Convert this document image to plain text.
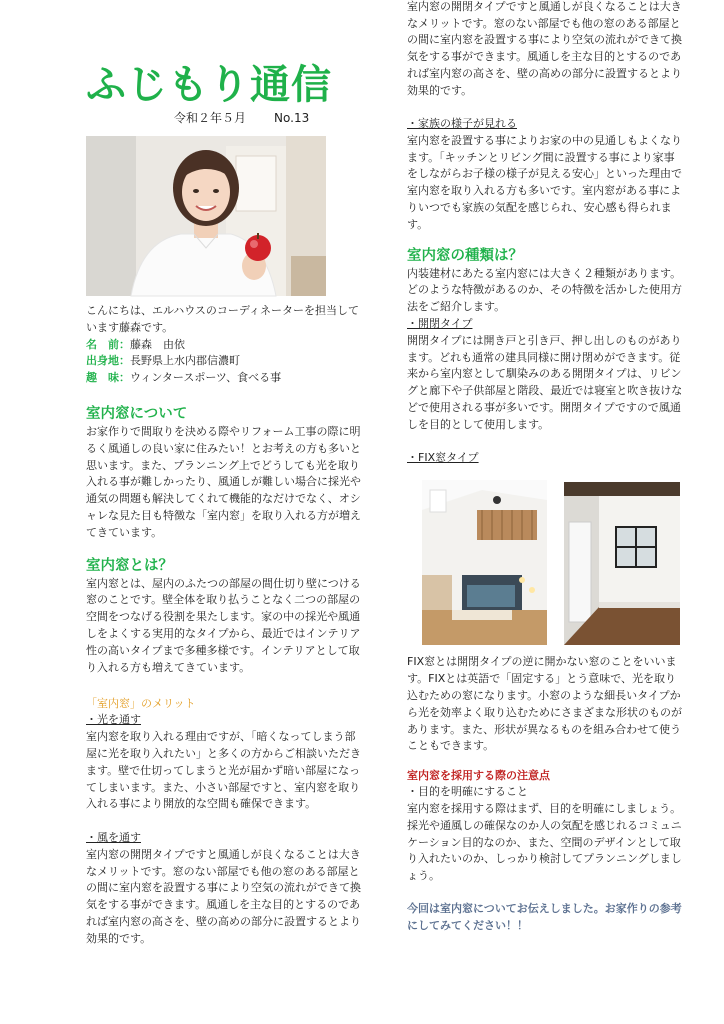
ふじもり通信
令和２年５月 No.13
こんにちは、エルハウスのコーディネーターを担当しています藤森です。
名　前：藤森　由依
出身地：長野県上水内郡信濃町
趣　味：ウィンタースポーツ、食べる事
室内窓について
お家作りで間取りを決める際やリフォーム工事の際に明るく風通しの良い家に住みたい！とお考えの方も多いと思います。また、プランニング上でどうしても光を取り入れる事が難しかったり、風通しが難しい場合に採光や通気の問題も解決してくれて機能的なだけでなく、オシャレな見た目も特徴な「室内窓」を取り入れる方が増えてきています。
室内窓とは？
室内窓とは、屋内のふたつの部屋の間仕切り壁につける窓のことです。壁全体を取り払うことなく二つの部屋の空間をつなげる役割を果たします。家の中の採光や風通しをよくする実用的なタイプから、最近ではインテリア性の高いタイプまで多種多様です。インテリアとして取り入れる方も増えてきています。
「室内窓」のメリット
・光を通す
室内窓を取り入れる理由ですが、「暗くなってしまう部屋に光を取り入れたい」と多くの方からご相談いただきます。壁で仕切ってしまうと光が届かず暗い部屋になってしまいます。また、小さい部屋ですと、室内窓を取り入れる事により開放的な空間も確保できます。
・風を通す
室内窓の開閉タイプですと風通しが良くなることは大きなメリットです。窓のない部屋でも他の窓のある部屋との間に室内窓を設置する事により空気の流れができて換気をする事ができます。風通しを主な目的とするのであれば室内窓の高さを、壁の高めの部分に設置するとより効果的です。
室内窓の開閉タイプですと風通しが良くなることは大きなメリットです。窓のない部屋でも他の窓のある部屋との間に室内窓を設置する事により空気の流れができて換気をする事ができます。風通しを主な目的とするのであれば室内窓の高さを、壁の高めの部分に設置するとより効果的です。
・家族の様子が見れる
室内窓を設置する事によりお家の中の見通しもよくなります。「キッチンとリビング間に設置する事により家事をしながらお子様の様子が見える安心」といった理由で室内窓を取り入れる方も多いです。室内窓がある事によりいつでも家族の気配を感じられ、安心感も得られます。
室内窓の種類は？
内装建材にあたる室内窓には大きく２種類があります。どのような特徴があるのか、その特徴を活かした使用方法をご紹介します。
・開閉タイプ
開閉タイプには開き戸と引き戸、押し出しのものがあります。どれも通常の建具同様に開け閉めができます。従来から室内窓として馴染みのある開閉タイプは、リビングと廊下や子供部屋と階段、最近では寝室と吹き抜けなどで使用される事が多いです。開閉タイプですので風通しを目的として使用します。
・FIX窓タイプ
FIX窓とは開閉タイプの逆に開かない窓のことをいいます。FIXとは英語で「固定する」とう意味で、光を取り込むための窓になります。小窓のような細長いタイプから光を効率よく取り込むためにさまざまな形状のものがあります。また、形状が異なるものを組み合わせて使うこともできます。
室内窓を採用する際の注意点
・目的を明確にすること
室内窓を採用する際はまず、目的を明確にしましょう。採光や通風しの確保なのか人の気配を感じれるコミュニケーション目的なのか、また、空間のデザインとして取り入れたいのか、しっかり検討してプランニングしましょう。
今回は室内窓についてお伝えしました。お家作りの参考にしてみてください！！
